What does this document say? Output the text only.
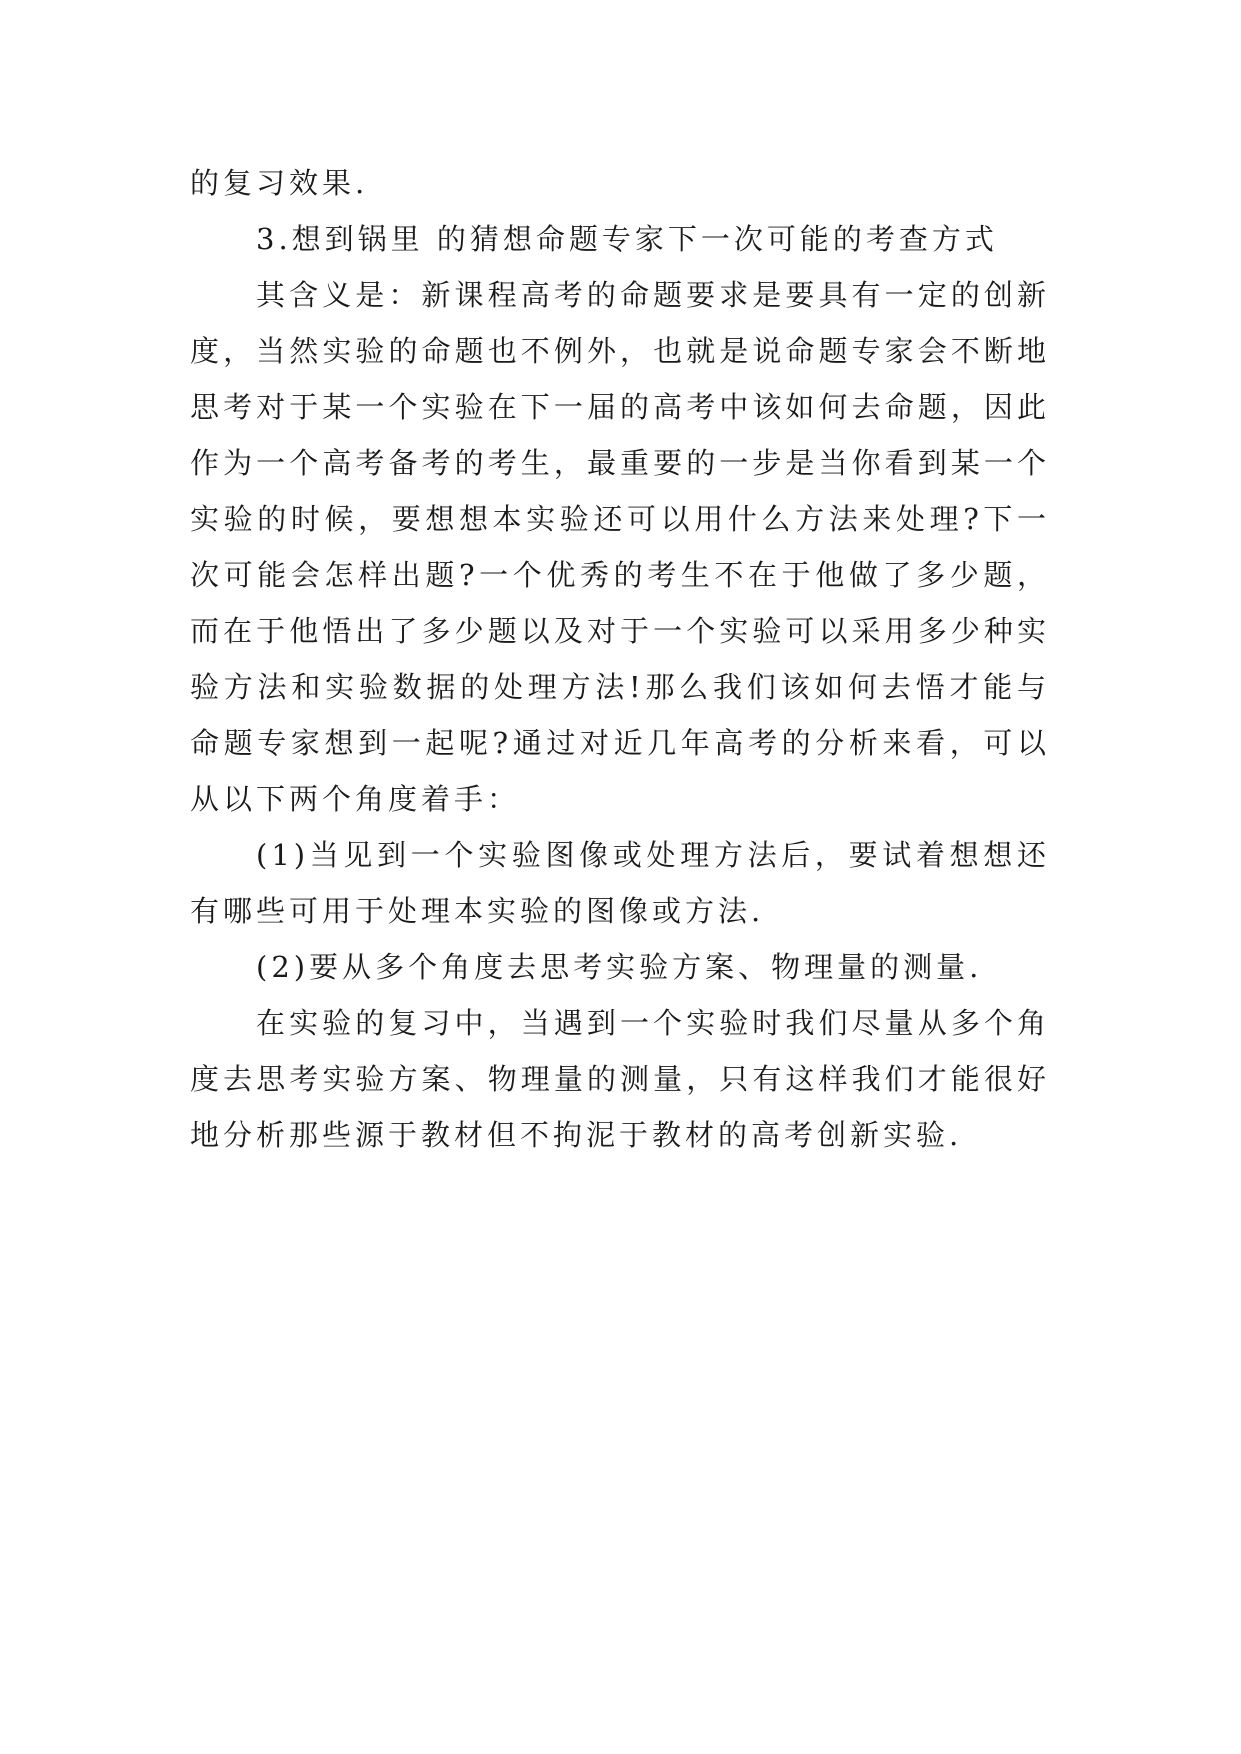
的复习效果.

3.想到锅里 的猜想命题专家下一次可能的考查方式

其含义是：新课程高考的命题要求是要具有一定的创新度，当然实验的命题也不例外，也就是说命题专家会不断地思考对于某一个实验在下一届的高考中该如何去命题，因此作为一个高考备考的考生，最重要的一步是当你看到某一个实验的时候，要想想本实验还可以用什么方法来处理?下一次可能会怎样出题?一个优秀的考生不在于他做了多少题，而在于他悟出了多少题以及对于一个实验可以采用多少种实验方法和实验数据的处理方法!那么我们该如何去悟才能与命题专家想到一起呢?通过对近几年高考的分析来看，可以从以下两个角度着手：

(1)当见到一个实验图像或处理方法后，要试着想想还有哪些可用于处理本实验的图像或方法.

(2)要从多个角度去思考实验方案、物理量的测量.

在实验的复习中，当遇到一个实验时我们尽量从多个角度去思考实验方案、物理量的测量，只有这样我们才能很好地分析那些源于教材但不拘泥于教材的高考创新实验.
